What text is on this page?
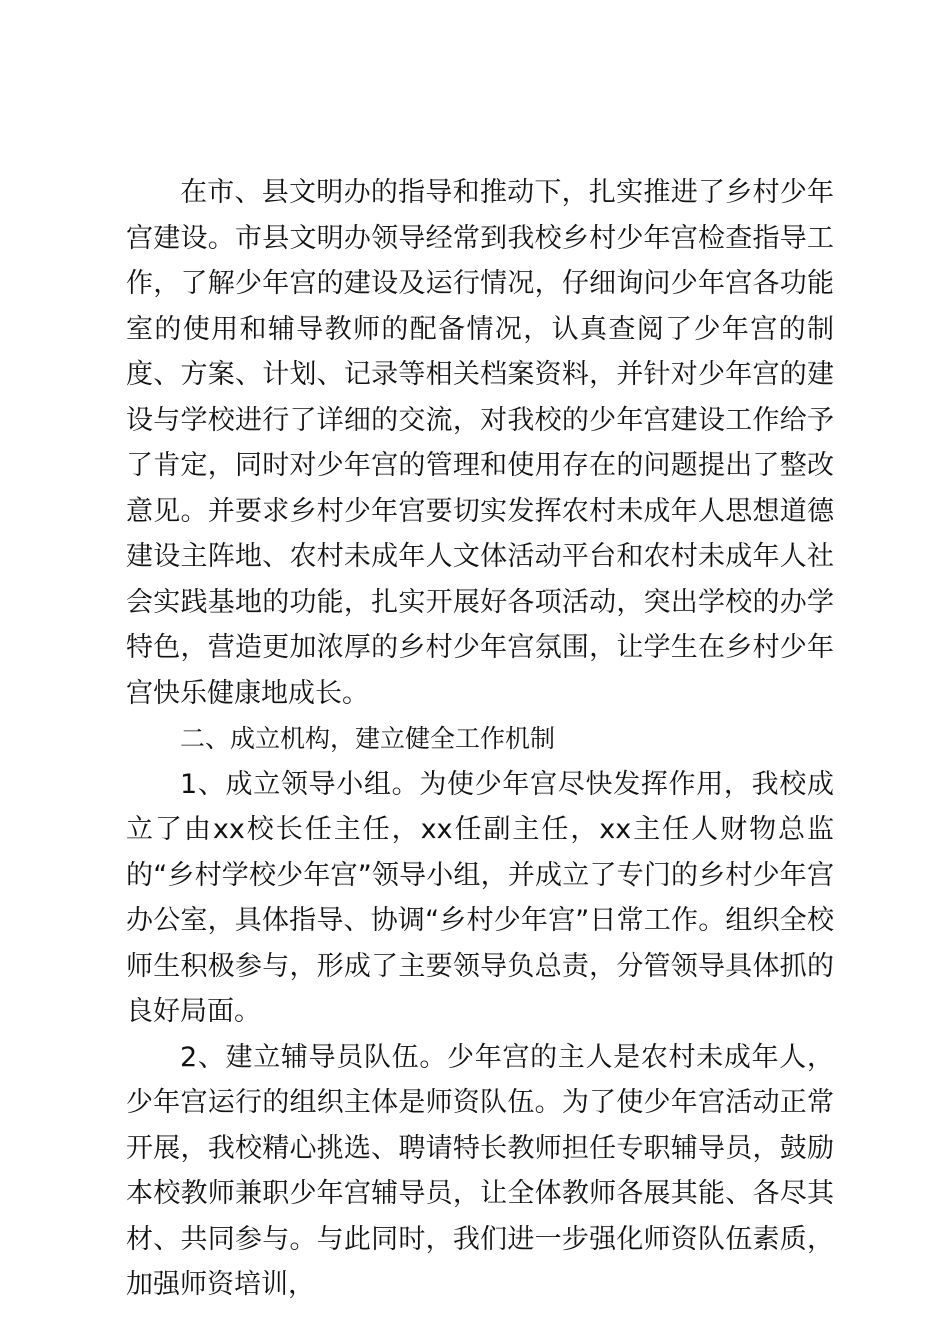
在市、县文明办的指导和推动下，扎实推进了乡村少年宫建设。市县文明办领导经常到我校乡村少年宫检查指导工作，了解少年宫的建设及运行情况，仔细询问少年宫各功能室的使用和辅导教师的配备情况，认真查阅了少年宫的制度、方案、计划、记录等相关档案资料，并针对少年宫的建设与学校进行了详细的交流，对我校的少年宫建设工作给予了肯定，同时对少年宫的管理和使用存在的问题提出了整改意见。并要求乡村少年宫要切实发挥农村未成年人思想道德建设主阵地、农村未成年人文体活动平台和农村未成年人社会实践基地的功能，扎实开展好各项活动，突出学校的办学特色，营造更加浓厚的乡村少年宫氛围，让学生在乡村少年宫快乐健康地成长。

二、成立机构，建立健全工作机制

1、成立领导小组。为使少年宫尽快发挥作用，我校成立了由xx校长任主任，xx任副主任，xx主任人财物总监的“乡村学校少年宫”领导小组，并成立了专门的乡村少年宫办公室，具体指导、协调“乡村少年宫”日常工作。组织全校师生积极参与，形成了主要领导负总责，分管领导具体抓的良好局面。

2、建立辅导员队伍。少年宫的主人是农村未成年人，少年宫运行的组织主体是师资队伍。为了使少年宫活动正常开展，我校精心挑选、聘请特长教师担任专职辅导员，鼓励本校教师兼职少年宫辅导员，让全体教师各展其能、各尽其材、共同参与。与此同时，我们进一步强化师资队伍素质，加强师资培训，
